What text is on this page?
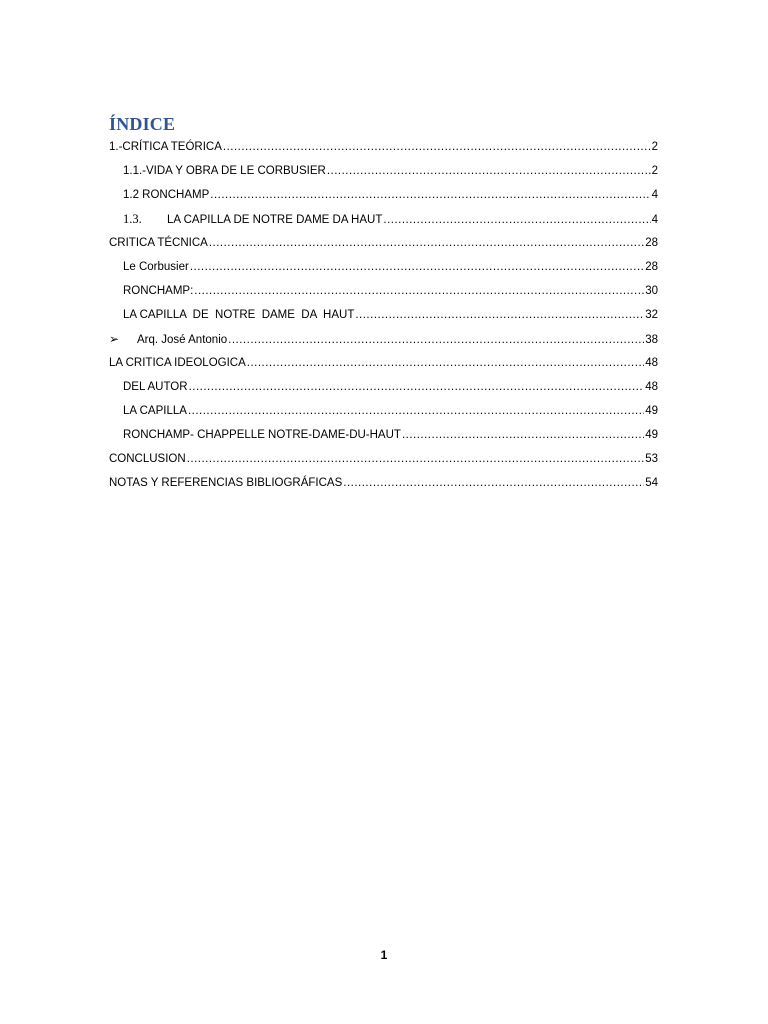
ÍNDICE
1.-CRÍTICA TEÓRICA .....	2
1.1.-VIDA Y OBRA DE LE CORBUSIER .....	2
1.2 RONCHAMP .....	4
1.3.	LA CAPILLA DE NOTRE DAME DA HAUT .....	4
CRITICA TÉCNICA .....	28
Le Corbusier .....	28
RONCHAMP: .....	30
LA CAPILLA  DE  NOTRE  DAME  DA  HAUT .....	32
➢	Arq. José Antonio .....	38
LA CRITICA IDEOLOGICA .....	48
DEL AUTOR .....	48
LA CAPILLA .....	49
RONCHAMP- CHAPPELLE NOTRE-DAME-DU-HAUT .....	49
CONCLUSION .....	53
NOTAS Y REFERENCIAS BIBLIOGRÁFICAS .....	54
1
